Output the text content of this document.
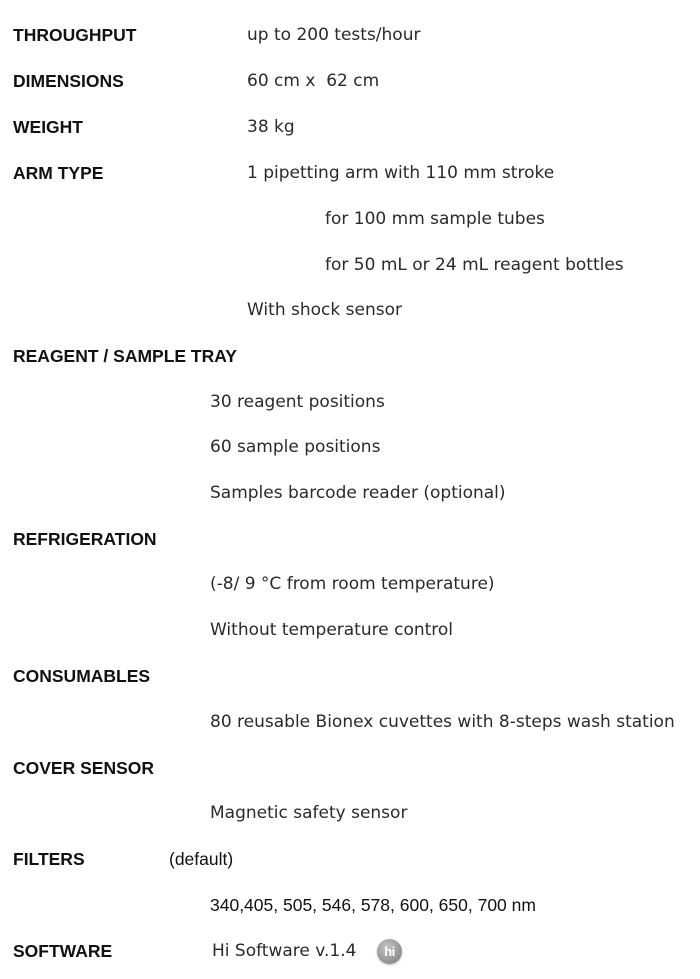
THROUGHPUT	up to 200 tests/hour
DIMENSIONS	60 cm x  62 cm
WEIGHT	38 kg
ARM TYPE	1 pipetting arm with 110 mm stroke
for 100 mm sample tubes
for 50 mL or 24 mL reagent bottles
With shock sensor
REAGENT / SAMPLE TRAY
30 reagent positions
60 sample positions
Samples barcode reader (optional)
REFRIGERATION
(-8/ 9 °C from room temperature)
Without temperature control
CONSUMABLES
80 reusable Bionex cuvettes with 8-steps wash station
COVER SENSOR
Magnetic safety sensor
FILTERS	(default)
340,405, 505, 546, 578, 600, 650, 700 nm
SOFTWARE	Hi Software v.1.4 hi
